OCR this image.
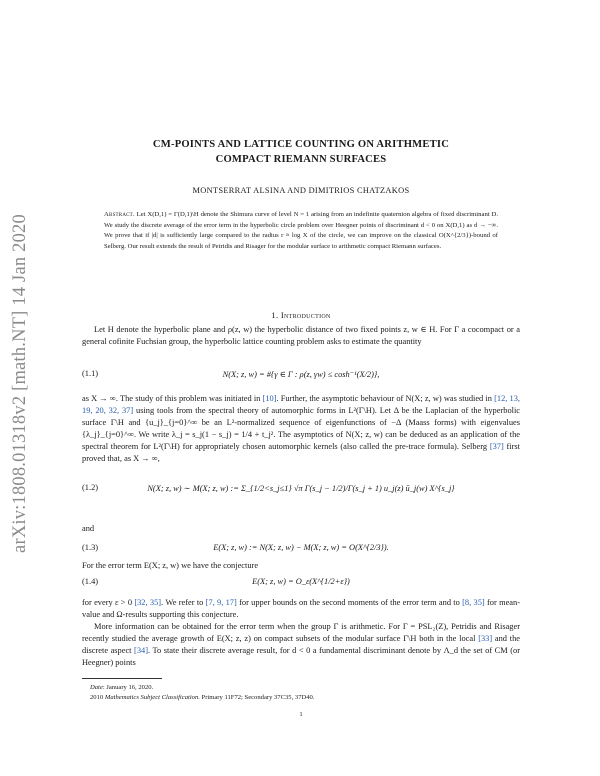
arXiv:1808.01318v2 [math.NT] 14 Jan 2020
CM-POINTS AND LATTICE COUNTING ON ARITHMETIC
COMPACT RIEMANN SURFACES
MONTSERRAT ALSINA AND DIMITRIOS CHATZAKOS
Abstract. Let X(D,1) = Γ(D,1)\H denote the Shimura curve of level N = 1 arising from an indefinite quaternion algebra of fixed discriminant D. We study the discrete average of the error term in the hyperbolic circle problem over Heegner points of discriminant d < 0 on X(D,1) as d → −∞. We prove that if |d| is sufficiently large compared to the radius r ≈ log X of the circle, we can improve on the classical O(X^{2/3})-bound of Selberg. Our result extends the result of Petridis and Risager for the modular surface to arithmetic compact Riemann surfaces.
1. Introduction
Let H denote the hyperbolic plane and ρ(z, w) the hyperbolic distance of two fixed points z, w ∈ H. For Γ a cocompact or a general cofinite Fuchsian group, the hyperbolic lattice counting problem asks to estimate the quantity
(1.1)	N(X; z, w) = #{γ ∈ Γ : ρ(z, γw) ≤ cosh⁻¹(X/2)},
as X → ∞. The study of this problem was initiated in [10]. Further, the asymptotic behaviour of N(X; z, w) was studied in [12, 13, 19, 20, 32, 37] using tools from the spectral theory of automorphic forms in L²(Γ\H). Let Δ be the Laplacian of the hyperbolic surface Γ\H and {u_j}_{j=0}^∞ be an L²-normalized sequence of eigenfunctions of −Δ (Maass forms) with eigenvalues {λ_j}_{j=0}^∞. We write λ_j = s_j(1 − s_j) = 1/4 + t_j². The asymptotics of N(X; z, w) can be deduced as an application of the spectral theorem for L²(Γ\H) for appropriately chosen automorphic kernels (also called the pre-trace formula). Selberg [37] first proved that, as X → ∞,
(1.2)	N(X; z, w) ∼ M(X; z, w) := Σ_{1/2<s_j≤1} √π Γ(s_j − 1/2)/Γ(s_j + 1) u_j(z) ū_j(w) X^{s_j}
and
(1.3)	E(X; z, w) := N(X; z, w) − M(X; z, w) = O(X^{2/3}).
For the error term E(X; z, w) we have the conjecture
(1.4)	E(X; z, w) = O_ε(X^{1/2+ε})
for every ε > 0 [32, 35]. We refer to [7, 9, 17] for upper bounds on the second moments of the error term and to [8, 35] for mean-value and Ω-results supporting this conjecture.
More information can be obtained for the error term when the group Γ is arithmetic. For Γ = PSL₂(Z), Petridis and Risager recently studied the average growth of E(X; z, z) on compact subsets of the modular surface Γ\H both in the local [33] and the discrete aspect [34]. To state their discrete average result, for d < 0 a fundamental discriminant denote by Λ_d the set of CM (or Heegner) points
Date: January 16, 2020.
2010 Mathematics Subject Classification. Primary 11F72; Secondary 37C35, 37D40.
1
